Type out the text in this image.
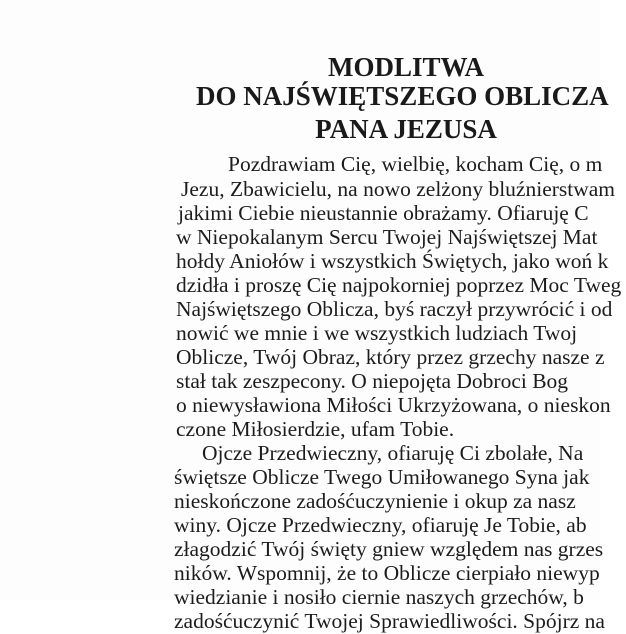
MODLITWA
DO NAJŚWIĘTSZEGO OBLICZA
PANA JEZUSA
Pozdrawiam Cię, wielbię, kocham Cię, o m
Jezu, Zbawicielu, na nowo zelżony bluźnierstwam
jakimi Ciebie nieustannie obrażamy. Ofiaruję C
w Niepokalanym Sercu Twojej Najświętszej Mat
hołdy Aniołów i wszystkich Świętych, jako woń k
dzidła i proszę Cię najpokorniej poprzez Moc Tweg
Najświętszego Oblicza, byś raczył przywrócić i od
nowić we mnie i we wszystkich ludziach Twoj
Oblicze, Twój Obraz, który przez grzechy nasze z
stał tak zeszpecony. O niepojęta Dobroci Bog
o niewysławiona Miłości Ukrzyżowana, o nieskon
czone Miłosierdzie, ufam Tobie.
Ojcze Przedwieczny, ofiaruję Ci zbolałe, Na
świętsze Oblicze Twego Umiłowanego Syna jak
nieskończone zadośćuczynienie i okup za nasz
winy. Ojcze Przedwieczny, ofiaruję Je Tobie, ab
złagodzić Twój święty gniew względem nas grzes
ników. Wspomnij, że to Oblicze cierpiało niewyp
wiedzianie i nosiło ciernie naszych grzechów, b
zadośćuczynić Twojej Sprawiedliwości. Spójrz na
